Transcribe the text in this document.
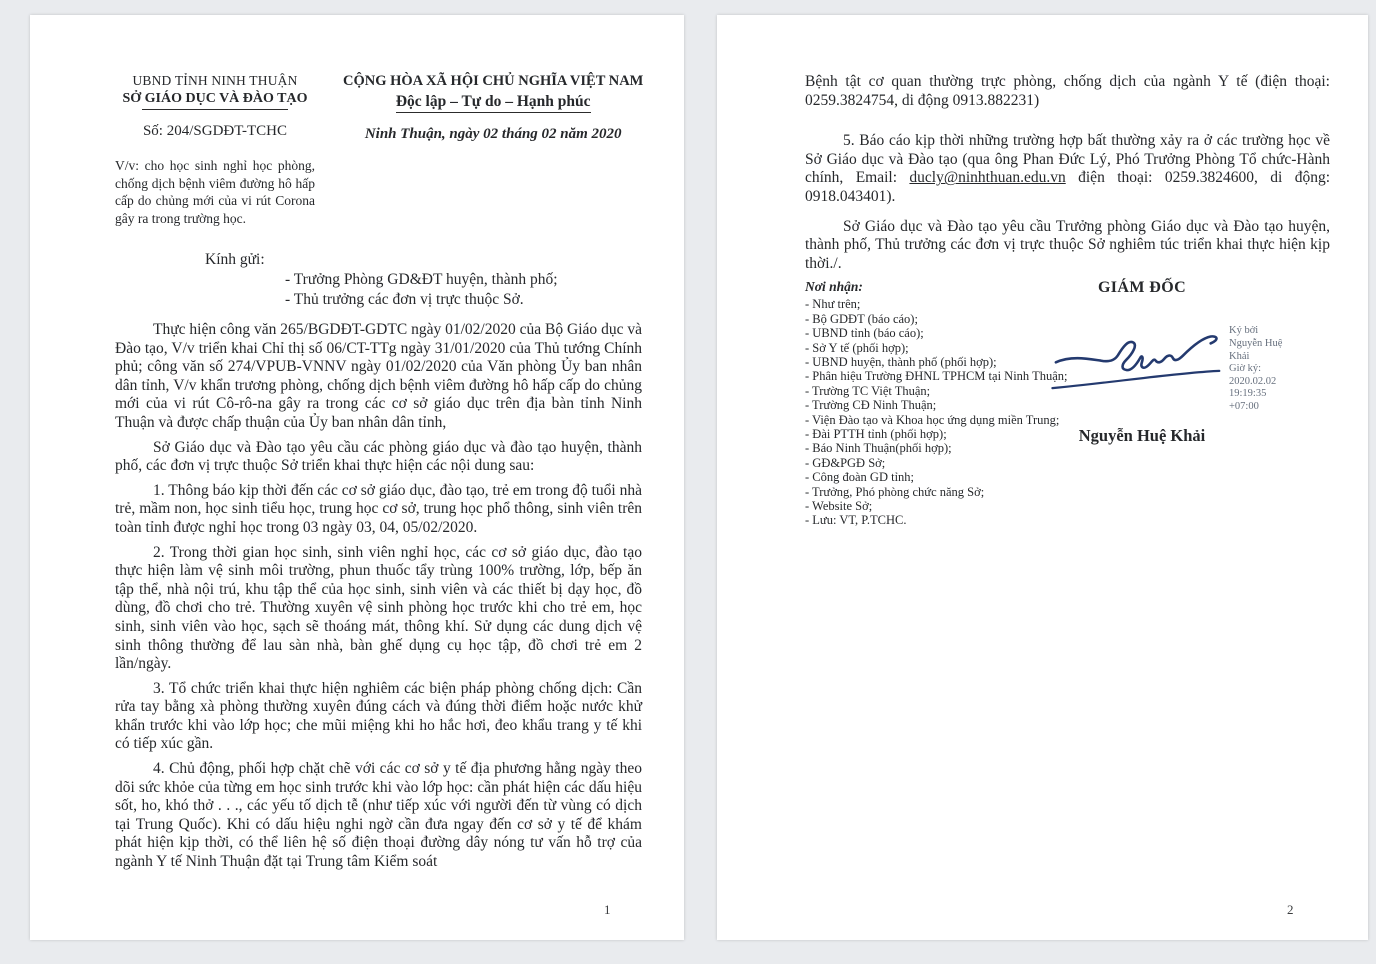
UBND TỈNH NINH THUẬN
SỞ GIÁO DỤC VÀ ĐÀO TẠO
Số: 204/SGDĐT-TCHC
V/v: cho học sinh nghỉ học phòng, chống dịch bệnh viêm đường hô hấp cấp do chủng mới của vi rút Corona gây ra trong trường học.
CỘNG HÒA XÃ HỘI CHỦ NGHĨA VIỆT NAM
Độc lập – Tự do – Hạnh phúc
Ninh Thuận, ngày 02 tháng 02 năm 2020
Kính gửi:
- Trưởng Phòng GD&ĐT huyện, thành phố;
- Thủ trưởng các đơn vị trực thuộc Sở.

Thực hiện công văn 265/BGDĐT-GDTC ngày 01/02/2020 của Bộ Giáo dục và Đào tạo, V/v triển khai Chỉ thị số 06/CT-TTg ngày 31/01/2020 của Thủ tướng Chính phủ; công văn số 274/VPUB-VNNV ngày 01/02/2020 của Văn phòng Ủy ban nhân dân tỉnh, V/v khẩn trương phòng, chống dịch bệnh viêm đường hô hấp cấp do chủng mới của vi rút Cô-rô-na gây ra trong các cơ sở giáo dục trên địa bàn tỉnh Ninh Thuận và được chấp thuận của Ủy ban nhân dân tỉnh,

Sở Giáo dục và Đào tạo yêu cầu các phòng giáo dục và đào tạo huyện, thành phố, các đơn vị trực thuộc Sở triển khai thực hiện các nội dung sau:

1. Thông báo kịp thời đến các cơ sở giáo dục, đào tạo, trẻ em trong độ tuổi nhà trẻ, mầm non, học sinh tiểu học, trung học cơ sở, trung học phổ thông, sinh viên trên toàn tỉnh được nghỉ học trong 03 ngày 03, 04, 05/02/2020.

2. Trong thời gian học sinh, sinh viên nghỉ học, các cơ sở giáo dục, đào tạo thực hiện làm vệ sinh môi trường, phun thuốc tẩy trùng 100% trường, lớp, bếp ăn tập thể, nhà nội trú, khu tập thể của học sinh, sinh viên và các thiết bị dạy học, đồ dùng, đồ chơi cho trẻ. Thường xuyên vệ sinh phòng học trước khi cho trẻ em, học sinh, sinh viên vào học, sạch sẽ thoáng mát, thông khí. Sử dụng các dung dịch vệ sinh thông thường để lau sàn nhà, bàn ghế dụng cụ học tập, đồ chơi trẻ em 2 lần/ngày.

3. Tổ chức triển khai thực hiện nghiêm các biện pháp phòng chống dịch: Cần rửa tay bằng xà phòng thường xuyên đúng cách và đúng thời điểm hoặc nước khử khẩn trước khi vào lớp học; che mũi miệng khi ho hắc hơi, đeo khẩu trang y tế khi có tiếp xúc gần.

4. Chủ động, phối hợp chặt chẽ với các cơ sở y tế địa phương hằng ngày theo dõi sức khỏe của từng em học sinh trước khi vào lớp học: cần phát hiện các dấu hiệu sốt, ho, khó thở . . ., các yếu tố dịch tễ (như tiếp xúc với người đến từ vùng có dịch tại Trung Quốc). Khi có dấu hiệu nghi ngờ cần đưa ngay đến cơ sở y tế để khám phát hiện kịp thời, có thể liên hệ số điện thoại đường dây nóng tư vấn hỗ trợ của ngành Y tế Ninh Thuận đặt tại Trung tâm Kiểm soát

1

Bệnh tật cơ quan thường trực phòng, chống dịch của ngành Y tế (điện thoại: 0259.3824754, di động 0913.882231)

5. Báo cáo kịp thời những trường hợp bất thường xảy ra ở các trường học về Sở Giáo dục và Đào tạo (qua ông Phan Đức Lý, Phó Trưởng Phòng Tổ chức-Hành chính, Email: ducly@ninhthuan.edu.vn điện thoại: 0259.3824600, di động: 0918.043401).

Sở Giáo dục và Đào tạo yêu cầu Trưởng phòng Giáo dục và Đào tạo huyện, thành phố, Thủ trưởng các đơn vị trực thuộc Sở nghiêm túc triển khai thực hiện kịp thời./.

Nơi nhận:
- Như trên;
- Bộ GDĐT (báo cáo);
- UBND tỉnh (báo cáo);
- Sở Y tế (phối hợp);
- UBND huyện, thành phố (phối hợp);
- Phân hiệu Trường ĐHNL TPHCM tại Ninh Thuận;
- Trường TC Việt Thuận;
- Trường CĐ Ninh Thuận;
- Viện Đào tạo và Khoa học ứng dụng miền Trung;
- Đài PTTH tỉnh (phối hợp);
- Báo Ninh Thuận(phối hợp);
- GĐ&PGĐ Sở;
- Công đoàn GD tỉnh;
- Trưởng, Phó phòng chức năng Sở;
- Website Sở;
- Lưu: VT, P.TCHC.
GIÁM ĐỐC
Ký bởi
Nguyễn Huệ
Khải
Giờ ký:
2020.02.02
19:19:35
+07:00
Nguyễn Huệ Khải
2
